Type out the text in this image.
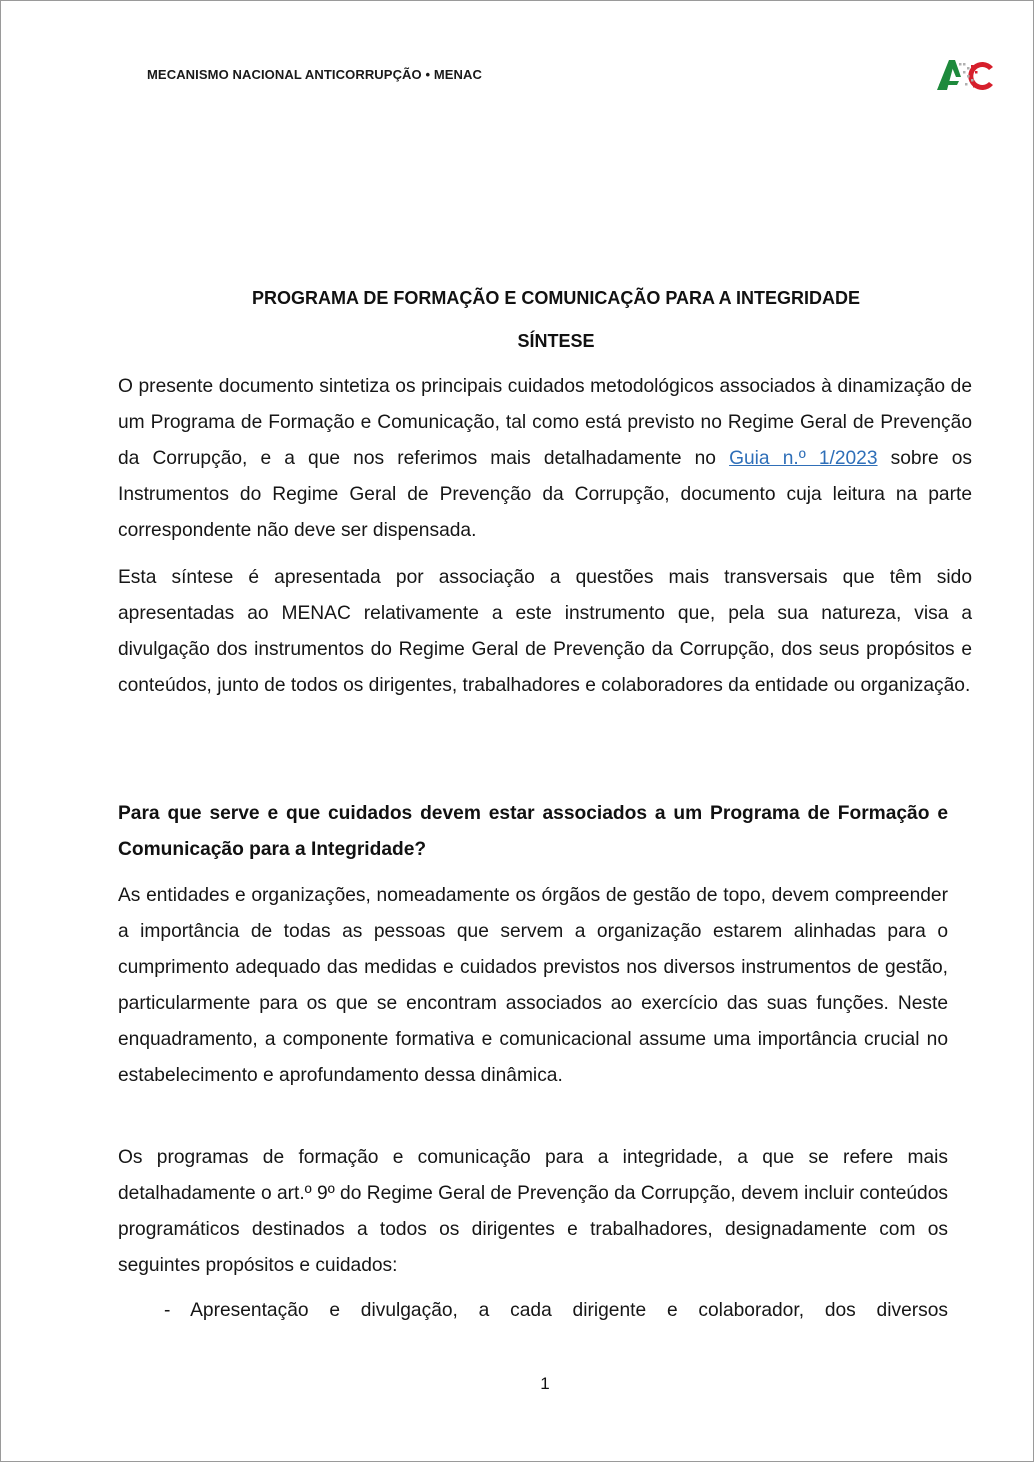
MECANISMO NACIONAL ANTICORRUPÇÃO • MENAC
PROGRAMA DE FORMAÇÃO E COMUNICAÇÃO PARA A INTEGRIDADE
SÍNTESE

O presente documento sintetiza os principais cuidados metodológicos associados à dinamização de um Programa de Formação e Comunicação, tal como está previsto no Regime Geral de Prevenção da Corrupção, e a que nos referimos mais detalhadamente no Guia n.º 1/2023 sobre os Instrumentos do Regime Geral de Prevenção da Corrupção, documento cuja leitura na parte correspondente não deve ser dispensada.

Esta síntese é apresentada por associação a questões mais transversais que têm sido apresentadas ao MENAC relativamente a este instrumento que, pela sua natureza, visa a divulgação dos instrumentos do Regime Geral de Prevenção da Corrupção, dos seus propósitos e conteúdos, junto de todos os dirigentes, trabalhadores e colaboradores da entidade ou organização.

Para que serve e que cuidados devem estar associados a um Programa de Formação e Comunicação para a Integridade?

As entidades e organizações, nomeadamente os órgãos de gestão de topo, devem compreender a importância de todas as pessoas que servem a organização estarem alinhadas para o cumprimento adequado das medidas e cuidados previstos nos diversos instrumentos de gestão, particularmente para os que se encontram associados ao exercício das suas funções. Neste enquadramento, a componente formativa e comunicacional assume uma importância crucial no estabelecimento e aprofundamento dessa dinâmica.

Os programas de formação e comunicação para a integridade, a que se refere mais detalhadamente o art.º 9º do Regime Geral de Prevenção da Corrupção, devem incluir conteúdos programáticos destinados a todos os dirigentes e trabalhadores, designadamente com os seguintes propósitos e cuidados:

- Apresentação e divulgação, a cada dirigente e colaborador, dos diversos

1
